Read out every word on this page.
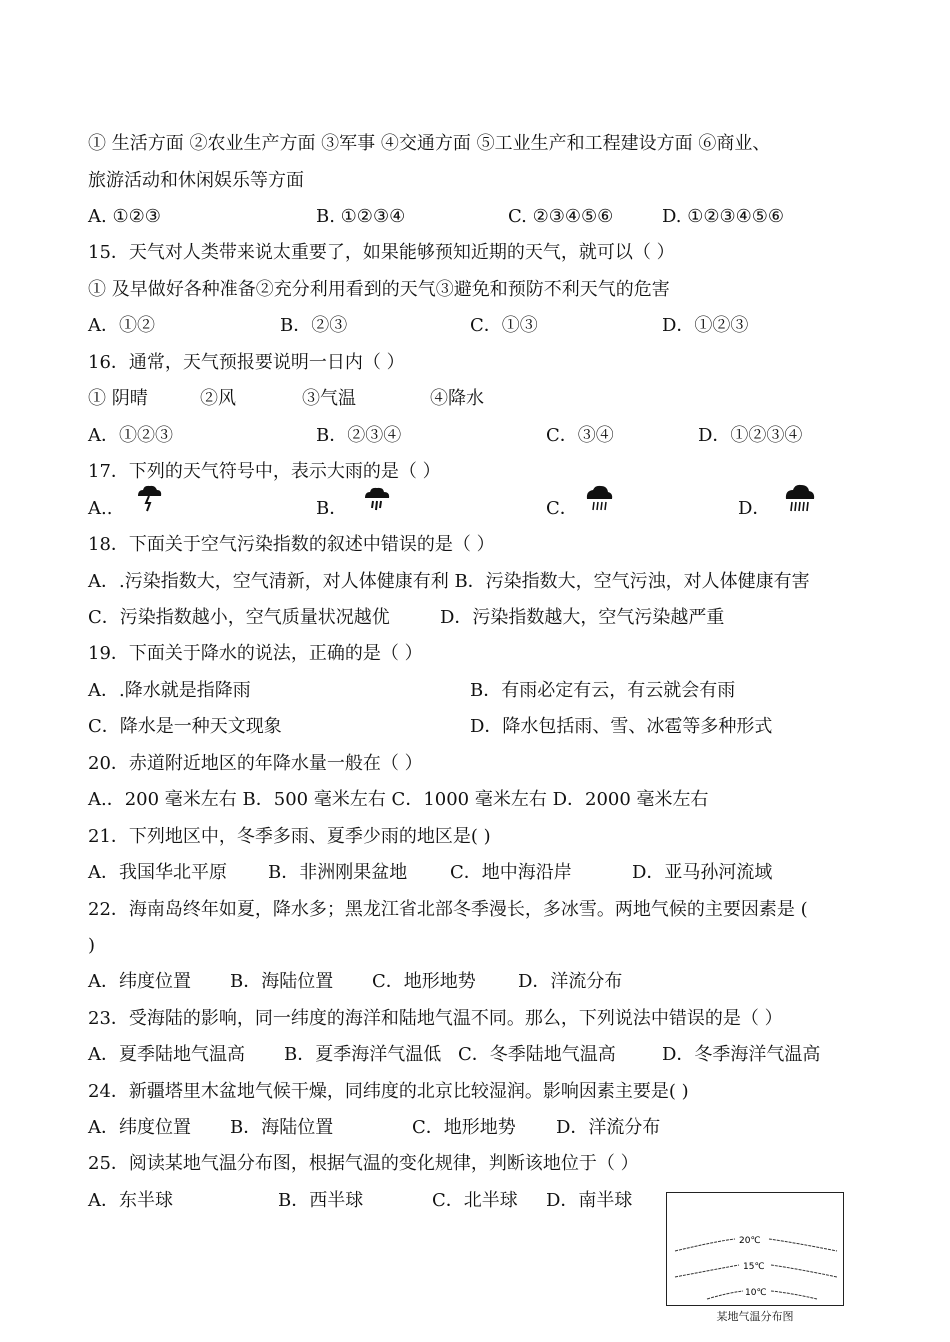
① 生活方面 ②农业生产方面 ③军事 ④交通方面 ⑤工业生产和工程建设方面 ⑥商业、
旅游活动和休闲娱乐等方面
A. ①②③	B. ①②③④	C. ②③④⑤⑥	D. ①②③④⑤⑥
15．天气对人类带来说太重要了，如果能够预知近期的天气，就可以（ ）
① 及早做好各种准备②充分利用看到的天气③避免和预防不利天气的危害
A．①②	B．②③	C．①③	D．①②③
16．通常，天气预报要说明一日内（ ）
① 阴晴	②风	③气温	④降水
A．①②③	B．②③④	C．③④	D．①②③④
17．下列的天气符号中，表示大雨的是（ ）
A..	B．	C．	D．
18．下面关于空气污染指数的叙述中错误的是（ ）
A．.污染指数大，空气清新，对人体健康有利 B．污染指数大，空气污浊，对人体健康有害
C．污染指数越小，空气质量状况越优	D．污染指数越大，空气污染越严重
19．下面关于降水的说法，正确的是（ ）
A．.降水就是指降雨	B．有雨必定有云，有云就会有雨
C．降水是一种天文现象	D．降水包括雨、雪、冰雹等多种形式
20．赤道附近地区的年降水量一般在（ ）
A.．200 毫米左右 B．500 毫米左右 C．1000 毫米左右 D．2000 毫米左右
21．下列地区中，冬季多雨、夏季少雨的地区是( )
A．我国华北平原 B．非洲刚果盆地 C．地中海沿岸	D．亚马孙河流域
22．海南岛终年如夏，降水多；黑龙江省北部冬季漫长，多冰雪。两地气候的主要因素是 (
)
A．纬度位置 B．海陆位置 C．地形地势 D．洋流分布
23．受海陆的影响，同一纬度的海洋和陆地气温不同。那么，下列说法中错误的是（ ）
A．夏季陆地气温高 B．夏季海洋气温低 C．冬季陆地气温高	D．冬季海洋气温高
24．新疆塔里木盆地气候干燥，同纬度的北京比较湿润。影响因素主要是( )
A．纬度位置 B．海陆位置	C．地形地势 D．洋流分布
25．阅读某地气温分布图，根据气温的变化规律，判断该地位于（ ）
A．东半球	B．西半球	C．北半球 D．南半球
20℃
15℃
10℃
某地气温分布图
